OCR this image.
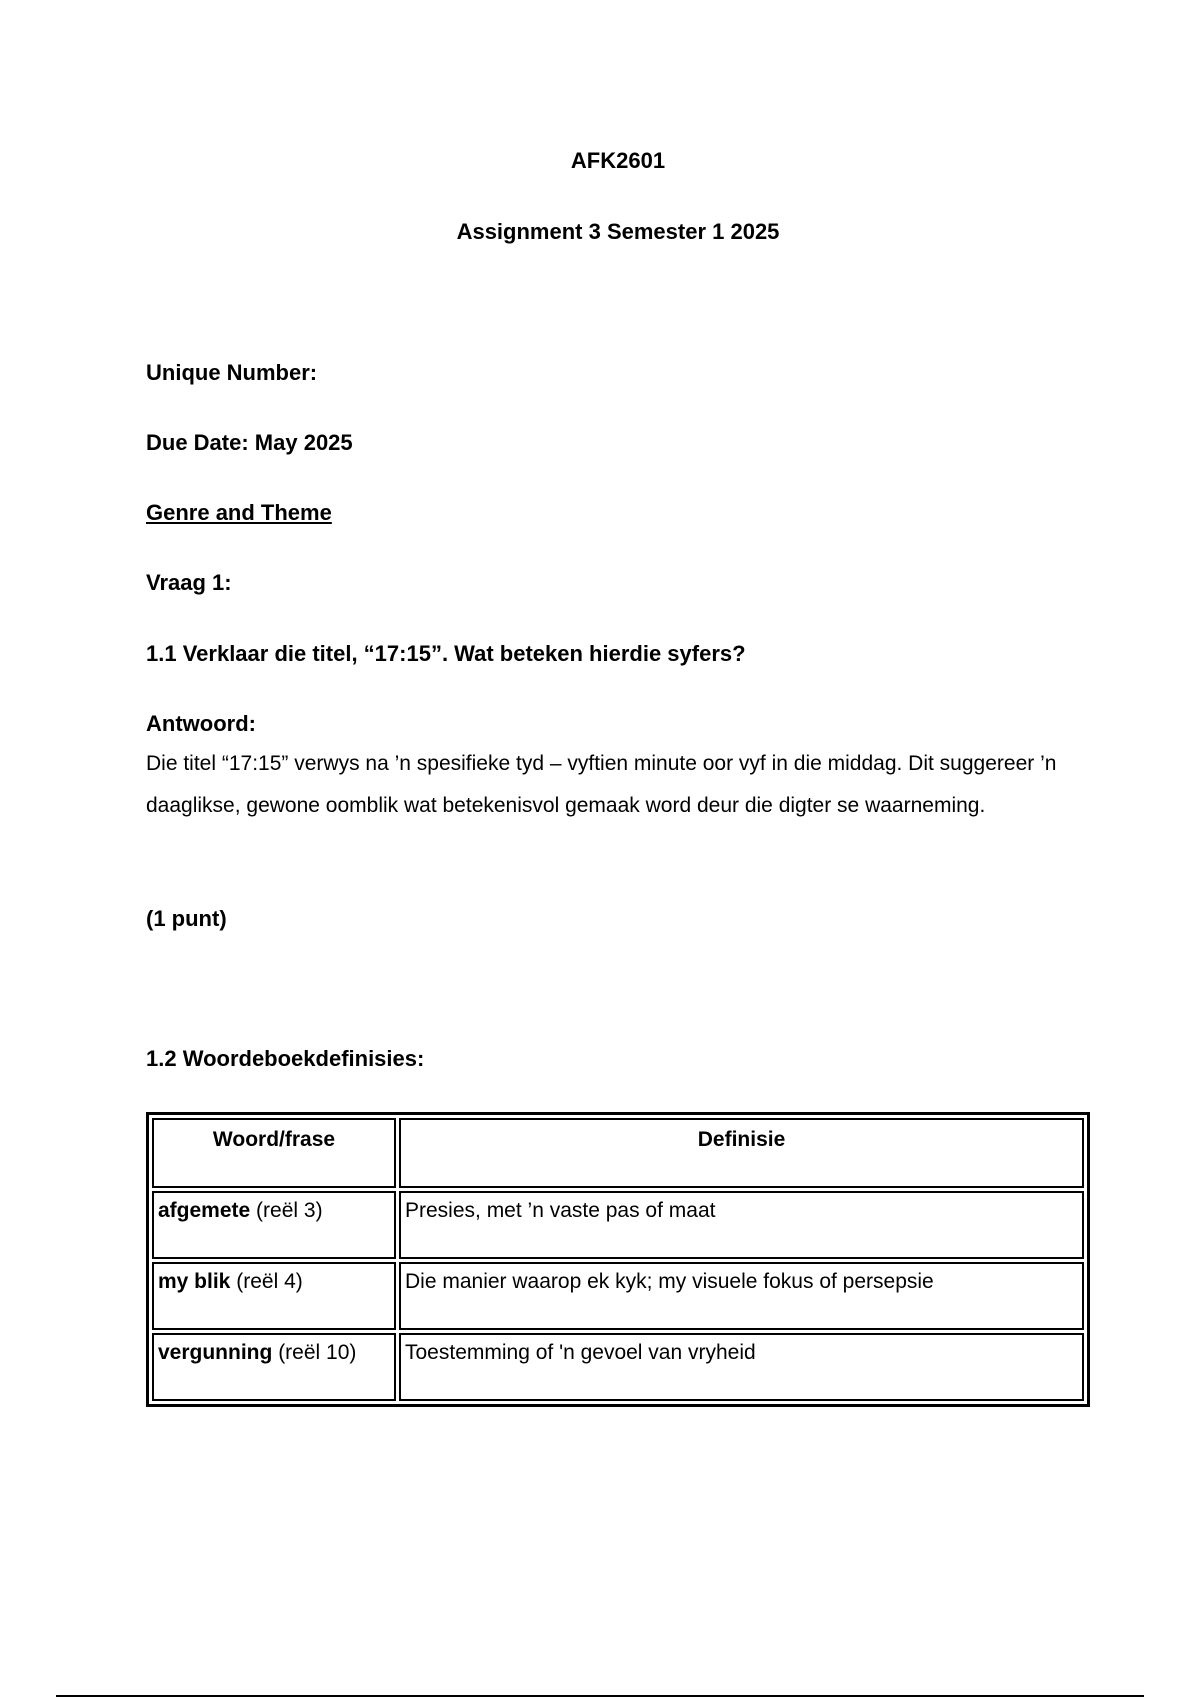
AFK2601

Assignment 3 Semester 1 2025

Unique Number:

Due Date: May 2025

Genre and Theme

Vraag 1:

1.1 Verklaar die titel, “17:15”. Wat beteken hierdie syfers?

Antwoord:

Die titel “17:15” verwys na ’n spesifieke tyd – vyftien minute oor vyf in die middag. Dit suggereer ’n daaglikse, gewone oomblik wat betekenisvol gemaak word deur die digter se waarneming.

(1 punt)

1.2 Woordeboekdefinisies:

Woord/frase	Definisie
afgemete (reël 3)	Presies, met ’n vaste pas of maat
my blik (reël 4)	Die manier waarop ek kyk; my visuele fokus of persepsie
vergunning (reël 10)	Toestemming of 'n gevoel van vryheid
